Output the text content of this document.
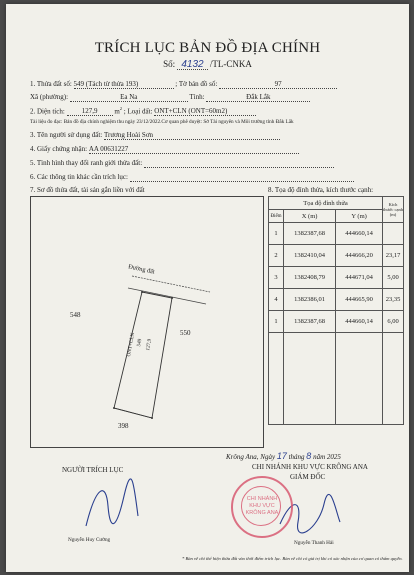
TRÍCH LỤC BẢN ĐỒ ĐỊA CHÍNH
Số: 4132 /TL-CNKA
1. Thửa đất số: 549 (Tách từ thửa 193)	; Tờ bản đồ số:	97
Xã (phường):	Ea Na	Tỉnh:	Đắk Lắk
2. Diện tích: 127,9 $m^2$ ; Loại đất: ONT+CLN (ONT=60m2)
Tài liệu đo đạc: Bản đồ địa chính nghiệm thu ngày 23/12/2022.Cơ quan phê duyệt: Sở Tài nguyên và Môi trường tỉnh Đắk Lắk
3. Tên người sử dụng đất: Trương Hoài Sơn
4. Giấy chứng nhận: AA 00631227
5. Tình hình thay đổi ranh giới thửa đất:
6. Các thông tin khác cần trích lục:
7. Sơ đồ thửa đất, tài sản gắn liền với đất	8. Tọa độ đỉnh thửa, kích thước cạnh:
Đường đất
548
550
398
ONT+CLN 549 127,9
Tọa độ đỉnh thửa			Kích thước cạnh (m)
Điểm	X (m)	Y (m)	
1	1382387,68	444660,14	
2	1382410,04	444666,20	23,17
3	1382408,79	444671,04	5,00
4	1382386,01	444665,90	23,35
1	1382387,68	444660,14	6,00

Krông Ana, Ngày 17 tháng 8 năm 2025
CHI NHÁNH KHU VỰC KRÔNG ANA
GIÁM ĐỐC
NGƯỜI TRÍCH LỤC
CHI NHÁNH
KHU VỰC
KRÔNG ANA
Nguyễn Huy Cường	Nguyễn Thanh Hải
* Bản vẽ chỉ thể hiện thửa đất vào thời điểm trích lục. Bản vẽ chỉ có giá trị khi có xác nhận của cơ quan có thẩm quyền.
